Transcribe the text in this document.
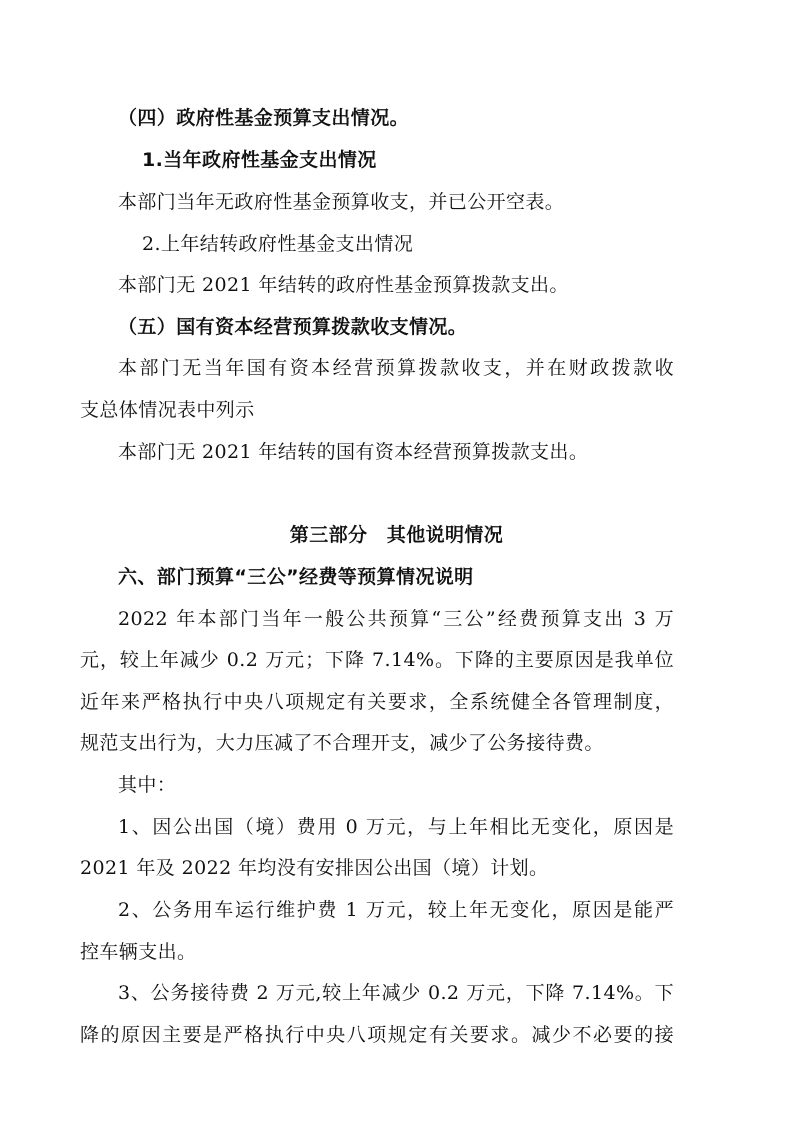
（四）政府性基金预算支出情况。
1.当年政府性基金支出情况
本部门当年无政府性基金预算收支，并已公开空表。
2.上年结转政府性基金支出情况
本部门无 2021 年结转的政府性基金预算拨款支出。
（五）国有资本经营预算拨款收支情况。
本部门无当年国有资本经营预算拨款收支，并在财政拨款收
支总体情况表中列示
本部门无 2021 年结转的国有资本经营预算拨款支出。
第三部分　其他说明情况
六、部门预算“三公”经费等预算情况说明
2022 年本部门当年一般公共预算“三公”经费预算支出 3 万
元，较上年减少 0.2 万元；下降 7.14%。下降的主要原因是我单位
近年来严格执行中央八项规定有关要求，全系统健全各管理制度，
规范支出行为，大力压减了不合理开支，减少了公务接待费。
其中：
1、因公出国（境）费用 0 万元，与上年相比无变化，原因是
2021 年及 2022 年均没有安排因公出国（境）计划。
2、公务用车运行维护费 1 万元，较上年无变化，原因是能严
控车辆支出。
3、公务接待费 2 万元,较上年减少 0.2 万元，下降 7.14%。下
降的原因主要是严格执行中央八项规定有关要求。减少不必要的接
